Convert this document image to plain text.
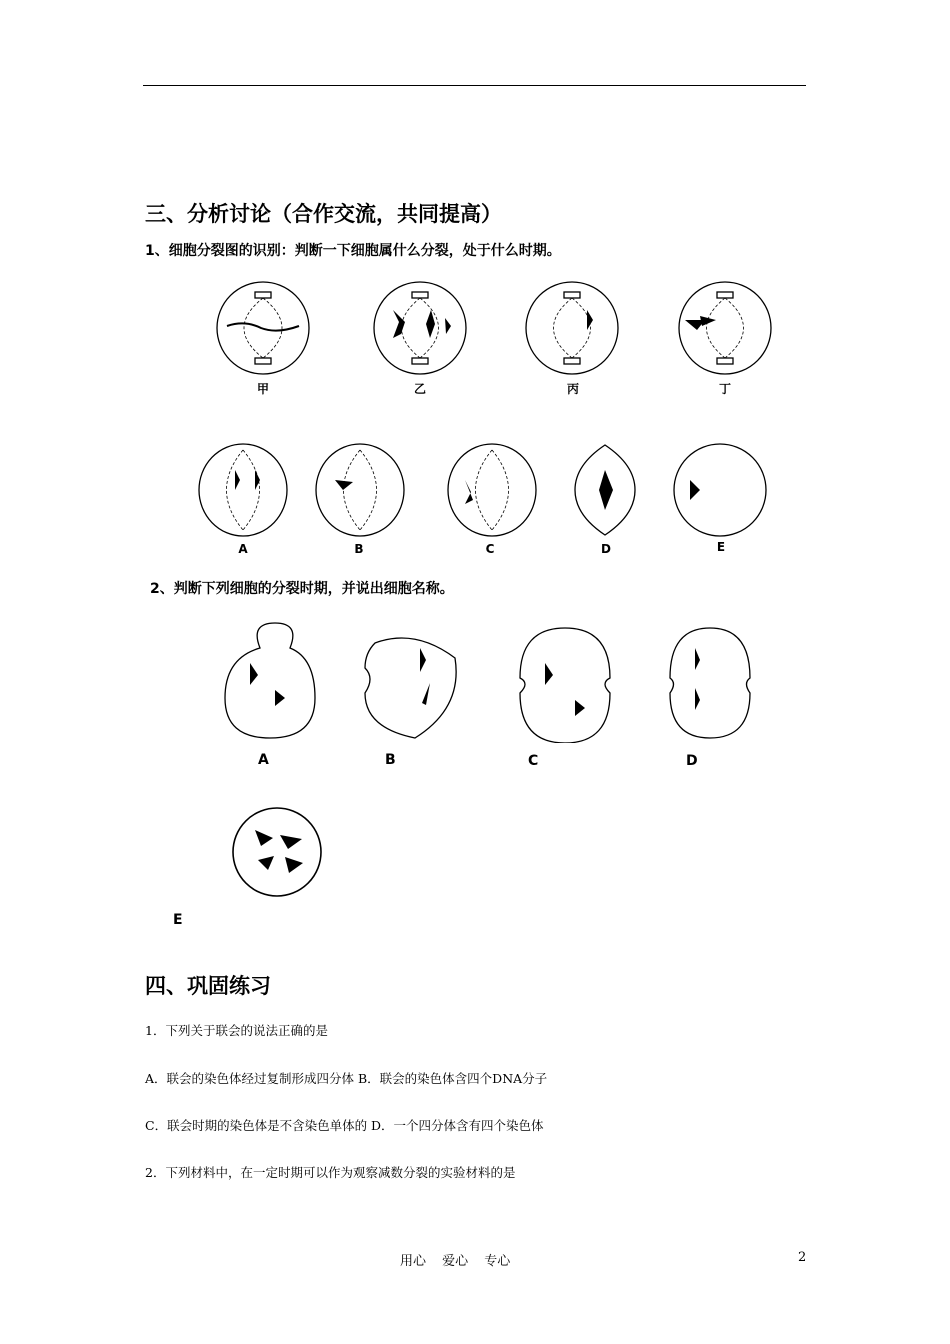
三、分析讨论（合作交流，共同提高）
1、细胞分裂图的识别：判断一下细胞属什么分裂，处于什么时期。
甲	乙	丙	丁
A	B	C	D	E
2、判断下列细胞的分裂时期，并说出细胞名称。
A	B	C	D
E
四、巩固练习
1．下列关于联会的说法正确的是
A．联会的染色体经过复制形成四分体 B．联会的染色体含四个DNA分子
C．联会时期的染色体是不含染色单体的 D．一个四分体含有四个染色体
2．下列材料中，在一定时期可以作为观察减数分裂的实验材料的是
用心 爱心 专心	2
